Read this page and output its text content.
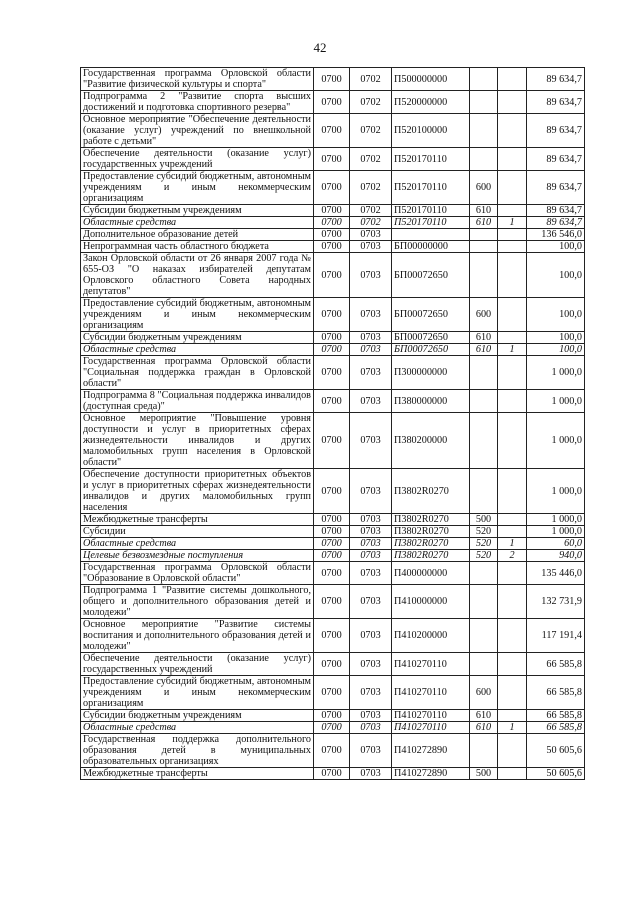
42
Государственная программа Орловской области "Развитие физической культуры и спорта"	0700	0702	П500000000			89 634,7
Подпрограмма 2 "Развитие спорта высших достижений и подготовка спортивного резерва"	0700	0702	П520000000			89 634,7
Основное мероприятие "Обеспечение деятельности (оказание услуг) учреждений по внешкольной работе с детьми"	0700	0702	П520100000			89 634,7
Обеспечение деятельности (оказание услуг) государственных учреждений	0700	0702	П520170110			89 634,7
Предоставление субсидий бюджетным, автономным учреждениям и иным некоммерческим организациям	0700	0702	П520170110	600		89 634,7
Субсидии бюджетным учреждениям	0700	0702	П520170110	610		89 634,7
Областные средства	0700	0702	П520170110	610	1	89 634,7
Дополнительное образование детей	0700	0703				136 546,0
Непрограммная часть областного бюджета	0700	0703	БП00000000			100,0
Закон Орловской области от 26 января 2007 года № 655-ОЗ "О наказах избирателей депутатам Орловского областного Совета народных депутатов"	0700	0703	БП00072650			100,0
Предоставление субсидий бюджетным, автономным учреждениям и иным некоммерческим организациям	0700	0703	БП00072650	600		100,0
Субсидии бюджетным учреждениям	0700	0703	БП00072650	610		100,0
Областные средства	0700	0703	БП00072650	610	1	100,0
Государственная программа Орловской области "Социальная поддержка граждан в Орловской области"	0700	0703	П300000000			1 000,0
Подпрограмма 8 "Социальная поддержка инвалидов (доступная среда)"	0700	0703	П380000000			1 000,0
Основное мероприятие "Повышение уровня доступности и услуг в приоритетных сферах жизнедеятельности инвалидов и других маломобильных групп населения в Орловской области"	0700	0703	П380200000			1 000,0
Обеспечение доступности приоритетных объектов и услуг в приоритетных сферах жизнедеятельности инвалидов и других маломобильных групп населения	0700	0703	П3802R0270			1 000,0
Межбюджетные трансферты	0700	0703	П3802R0270	500		1 000,0
Субсидии	0700	0703	П3802R0270	520		1 000,0
Областные средства	0700	0703	П3802R0270	520	1	60,0
Целевые безвозмездные поступления	0700	0703	П3802R0270	520	2	940,0
Государственная программа Орловской области "Образование в Орловской области"	0700	0703	П400000000			135 446,0
Подпрограмма 1 "Развитие системы дошкольного, общего и дополнительного образования детей и молодежи"	0700	0703	П410000000			132 731,9
Основное мероприятие "Развитие системы воспитания и дополнительного образования детей и молодежи"	0700	0703	П410200000			117 191,4
Обеспечение деятельности (оказание услуг) государственных учреждений	0700	0703	П410270110			66 585,8
Предоставление субсидий бюджетным, автономным учреждениям и иным некоммерческим организациям	0700	0703	П410270110	600		66 585,8
Субсидии бюджетным учреждениям	0700	0703	П410270110	610		66 585,8
Областные средства	0700	0703	П410270110	610	1	66 585,8
Государственная поддержка дополнительного образования детей в муниципальных образовательных организациях	0700	0703	П410272890			50 605,6
Межбюджетные трансферты	0700	0703	П410272890	500		50 605,6
